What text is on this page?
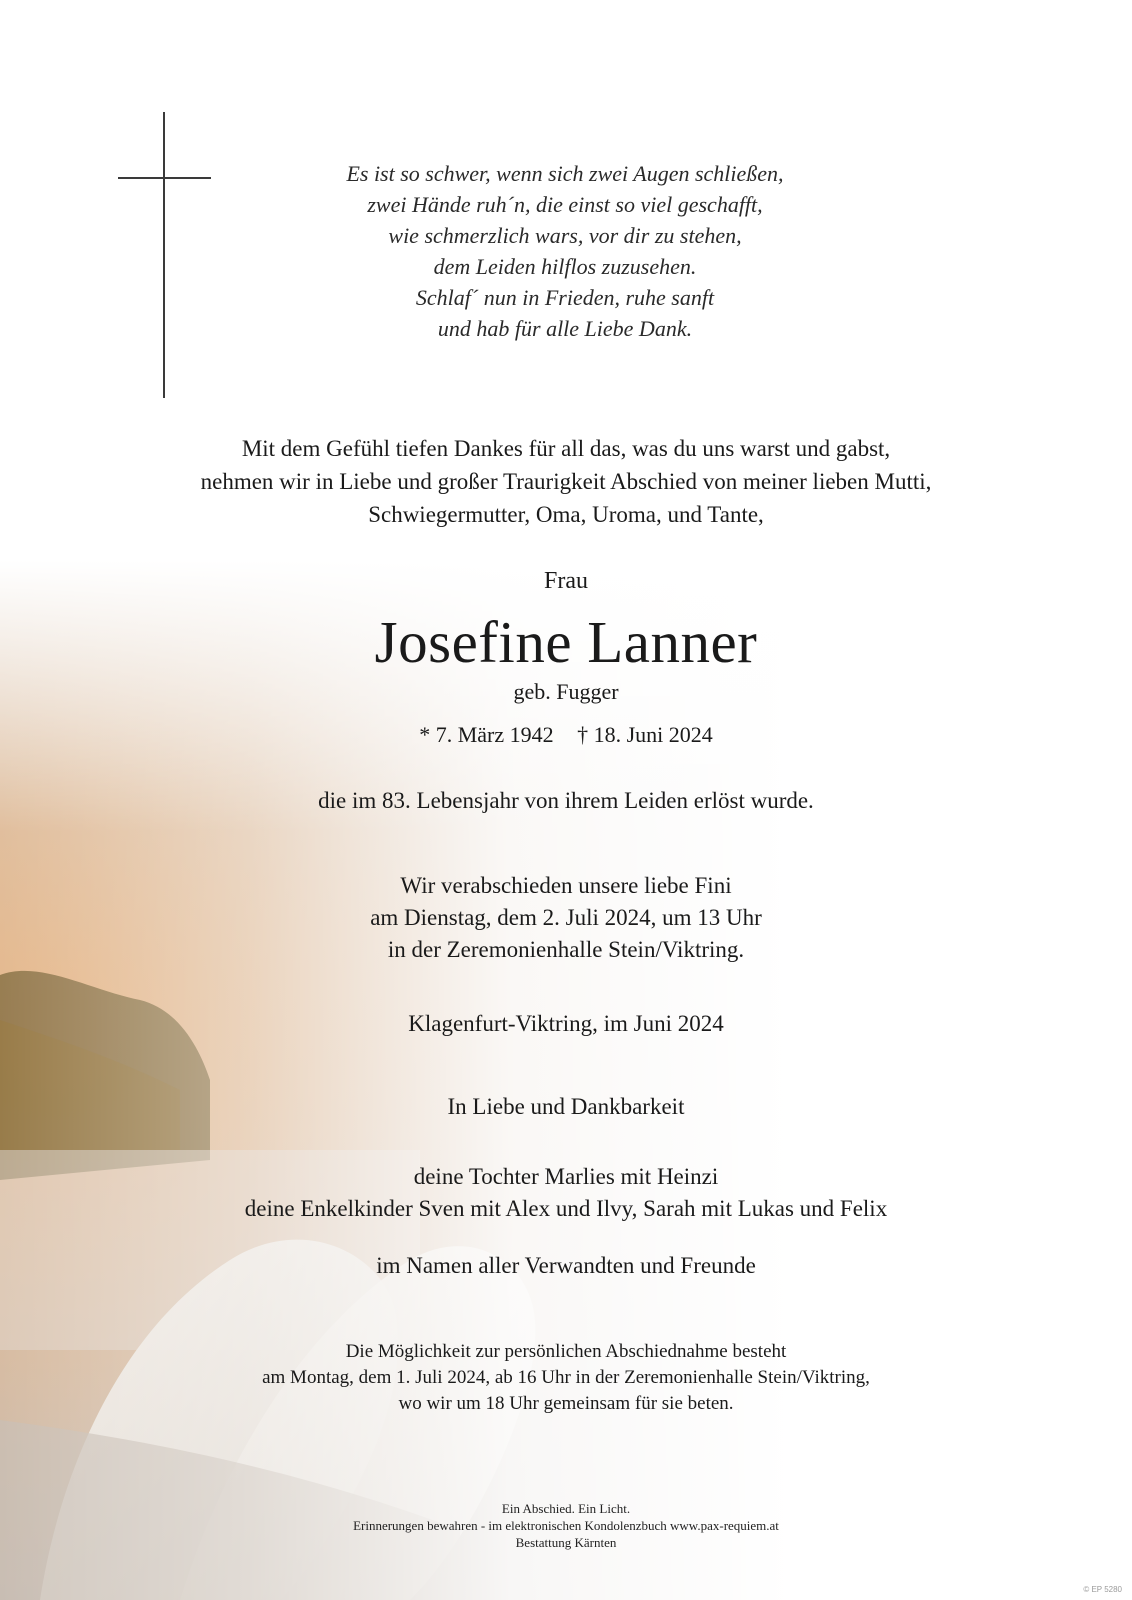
Es ist so schwer, wenn sich zwei Augen schließen,
zwei Hände ruh´n, die einst so viel geschafft,
wie schmerzlich wars, vor dir zu stehen,
dem Leiden hilflos zuzusehen.
Schlaf´ nun in Frieden, ruhe sanft
und hab für alle Liebe Dank.
Mit dem Gefühl tiefen Dankes für all das, was du uns warst und gabst,
nehmen wir in Liebe und großer Traurigkeit Abschied von meiner lieben Mutti,
Schwiegermutter, Oma, Uroma, und Tante,
Frau
Josefine Lanner
geb. Fugger
* 7. März 1942 † 18. Juni 2024
die im 83. Lebensjahr von ihrem Leiden erlöst wurde.
Wir verabschieden unsere liebe Fini
am Dienstag, dem 2. Juli 2024, um 13 Uhr
in der Zeremonienhalle Stein/Viktring.
Klagenfurt-Viktring, im Juni 2024
In Liebe und Dankbarkeit
deine Tochter Marlies mit Heinzi
deine Enkelkinder Sven mit Alex und Ilvy, Sarah mit Lukas und Felix
im Namen aller Verwandten und Freunde
Die Möglichkeit zur persönlichen Abschiednahme besteht
am Montag, dem 1. Juli 2024, ab 16 Uhr in der Zeremonienhalle Stein/Viktring,
wo wir um 18 Uhr gemeinsam für sie beten.
Ein Abschied. Ein Licht.
Erinnerungen bewahren - im elektronischen Kondolenzbuch www.pax-requiem.at
Bestattung Kärnten
© EP 5280
